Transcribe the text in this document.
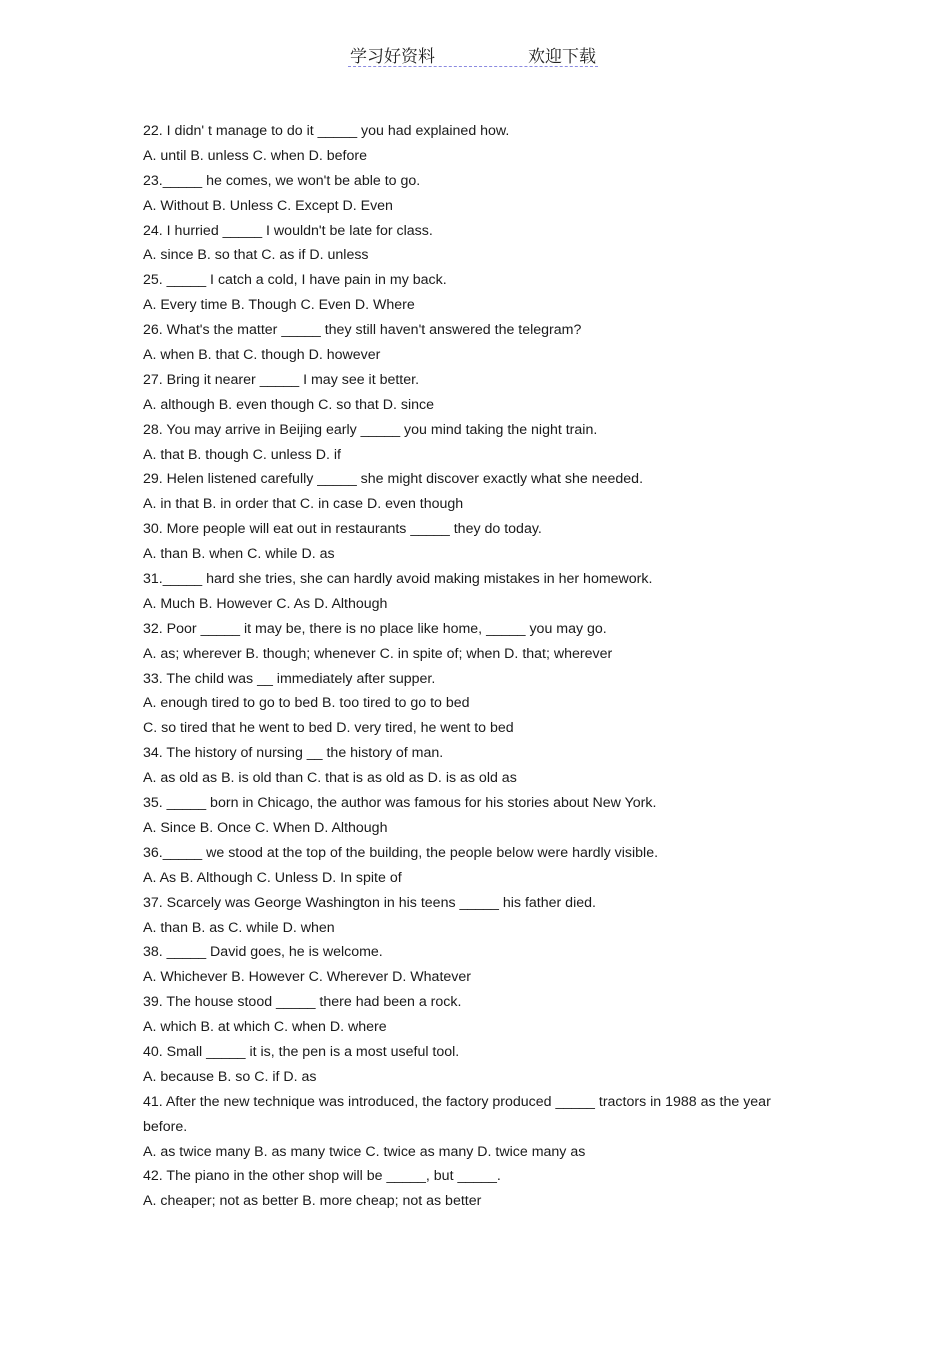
学习好资料	欢迎下载
22. I didn' t manage to do it _____ you had explained how.
A. until B. unless C. when D. before
23._____ he comes, we won't be able to go.
A. Without B. Unless C. Except D. Even
24. I hurried _____ I wouldn't be late for class.
A. since B. so that C. as if D. unless
25. _____ I catch a cold, I have pain in my back.
A. Every time B. Though C. Even D. Where
26. What's the matter _____ they still haven't answered the telegram?
A. when B. that C. though D. however
27. Bring it nearer _____ I may see it better.
A. although B. even though C. so that D. since
28. You may arrive in Beijing early _____ you mind taking the night train.
A. that B. though C. unless D. if
29. Helen listened carefully _____ she might discover exactly what she needed.
A. in that B. in order that C. in case D. even though
30. More people will eat out in restaurants _____ they do today.
A. than B. when C. while D. as
31._____ hard she tries, she can hardly avoid making mistakes in her homework.
A. Much B. However C. As D. Although
32. Poor _____ it may be, there is no place like home, _____ you may go.
A. as; wherever B. though; whenever C. in spite of; when D. that; wherever
33. The child was __ immediately after supper.
A. enough tired to go to bed B. too tired to go to bed
C. so tired that he went to bed D. very tired, he went to bed
34. The history of nursing __ the history of man.
A. as old as B. is old than C. that is as old as D. is as old as
35. _____ born in Chicago, the author was famous for his stories about New York.
A. Since B. Once C. When D. Although
36._____ we stood at the top of the building, the people below were hardly visible.
A. As B. Although C. Unless D. In spite of
37. Scarcely was George Washington in his teens _____ his father died.
A. than B. as C. while D. when
38. _____ David goes, he is welcome.
A. Whichever B. However C. Wherever D. Whatever
39. The house stood _____ there had been a rock.
A. which B. at which C. when D. where
40. Small _____ it is, the pen is a most useful tool.
A. because B. so C. if D. as
41. After the new technique was introduced, the factory produced _____ tractors in 1988 as the year before.
A. as twice many B. as many twice C. twice as many D. twice many as
42. The piano in the other shop will be _____, but _____.
A. cheaper; not as better B. more cheap; not as better
